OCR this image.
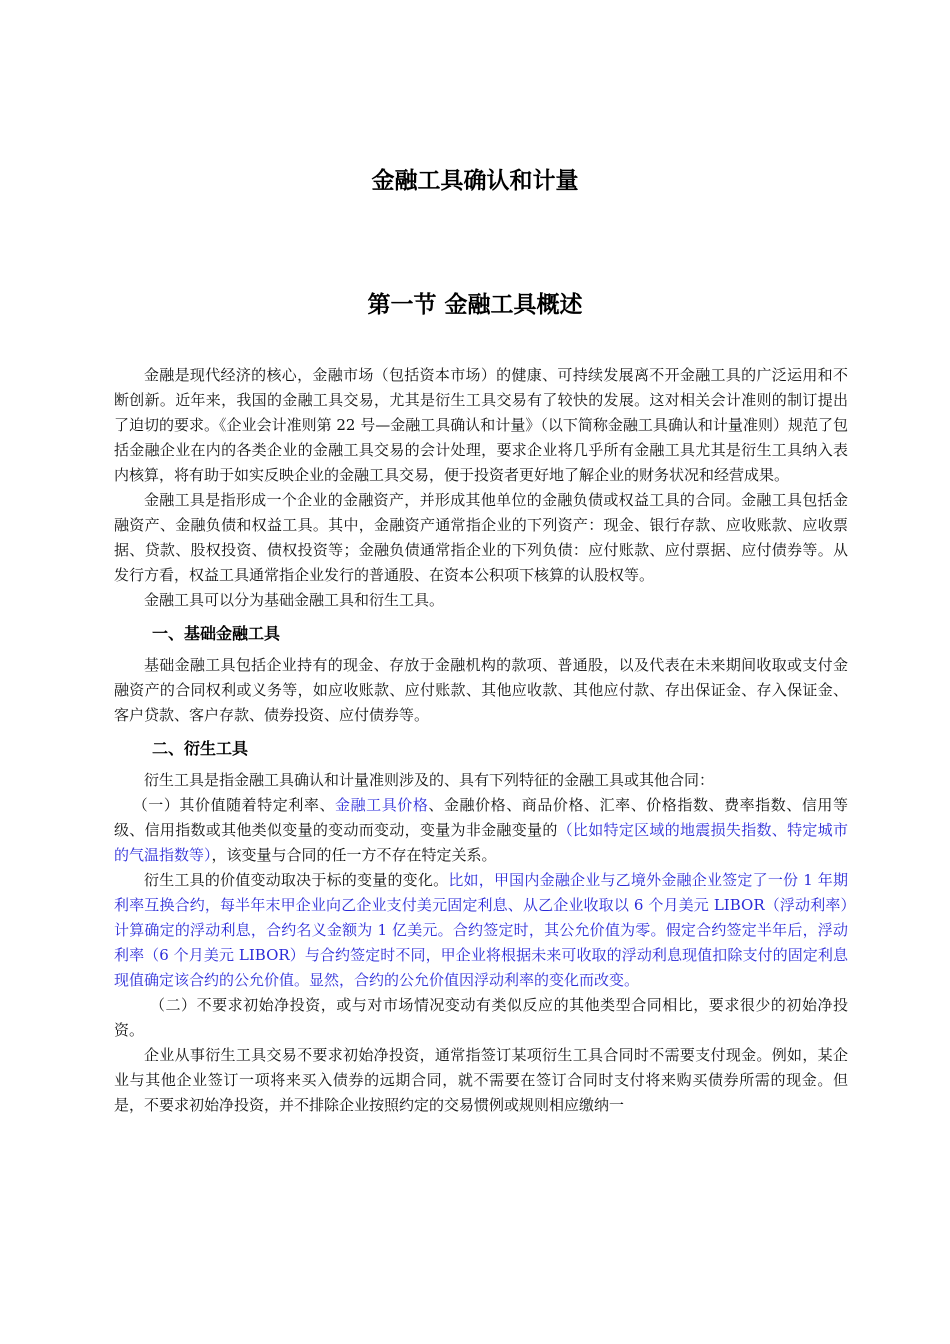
金融工具确认和计量
第一节 金融工具概述

金融是现代经济的核心，金融市场（包括资本市场）的健康、可持续发展离不开金融工具的广泛运用和不断创新。近年来，我国的金融工具交易，尤其是衍生工具交易有了较快的发展。这对相关会计准则的制订提出了迫切的要求。《企业会计准则第 22 号—金融工具确认和计量》（以下简称金融工具确认和计量准则）规范了包括金融企业在内的各类企业的金融工具交易的会计处理，要求企业将几乎所有金融工具尤其是衍生工具纳入表内核算，将有助于如实反映企业的金融工具交易，便于投资者更好地了解企业的财务状况和经营成果。

金融工具是指形成一个企业的金融资产，并形成其他单位的金融负债或权益工具的合同。金融工具包括金融资产、金融负债和权益工具。其中，金融资产通常指企业的下列资产：现金、银行存款、应收账款、应收票据、贷款、股权投资、债权投资等；金融负债通常指企业的下列负债：应付账款、应付票据、应付债券等。从发行方看，权益工具通常指企业发行的普通股、在资本公积项下核算的认股权等。

金融工具可以分为基础金融工具和衍生工具。

一、基础金融工具

基础金融工具包括企业持有的现金、存放于金融机构的款项、普通股，以及代表在未来期间收取或支付金融资产的合同权利或义务等，如应收账款、应付账款、其他应收款、其他应付款、存出保证金、存入保证金、客户贷款、客户存款、债券投资、应付债券等。

二、衍生工具

衍生工具是指金融工具确认和计量准则涉及的、具有下列特征的金融工具或其他合同：

（一）其价值随着特定利率、金融工具价格、金融价格、商品价格、汇率、价格指数、费率指数、信用等级、信用指数或其他类似变量的变动而变动，变量为非金融变量的（比如特定区域的地震损失指数、特定城市的气温指数等），该变量与合同的任一方不存在特定关系。

衍生工具的价值变动取决于标的变量的变化。比如，甲国内金融企业与乙境外金融企业签定了一份 1 年期利率互换合约，每半年末甲企业向乙企业支付美元固定利息、从乙企业收取以 6 个月美元 LIBOR（浮动利率）计算确定的浮动利息，合约名义金额为 1 亿美元。合约签定时，其公允价值为零。假定合约签定半年后，浮动利率（6 个月美元 LIBOR）与合约签定时不同，甲企业将根据未来可收取的浮动利息现值扣除支付的固定利息现值确定该合约的公允价值。显然，合约的公允价值因浮动利率的变化而改变。

（二）不要求初始净投资，或与对市场情况变动有类似反应的其他类型合同相比，要求很少的初始净投资。

企业从事衍生工具交易不要求初始净投资，通常指签订某项衍生工具合同时不需要支付现金。例如，某企业与其他企业签订一项将来买入债券的远期合同，就不需要在签订合同时支付将来购买债券所需的现金。但是，不要求初始净投资，并不排除企业按照约定的交易惯例或规则相应缴纳一
